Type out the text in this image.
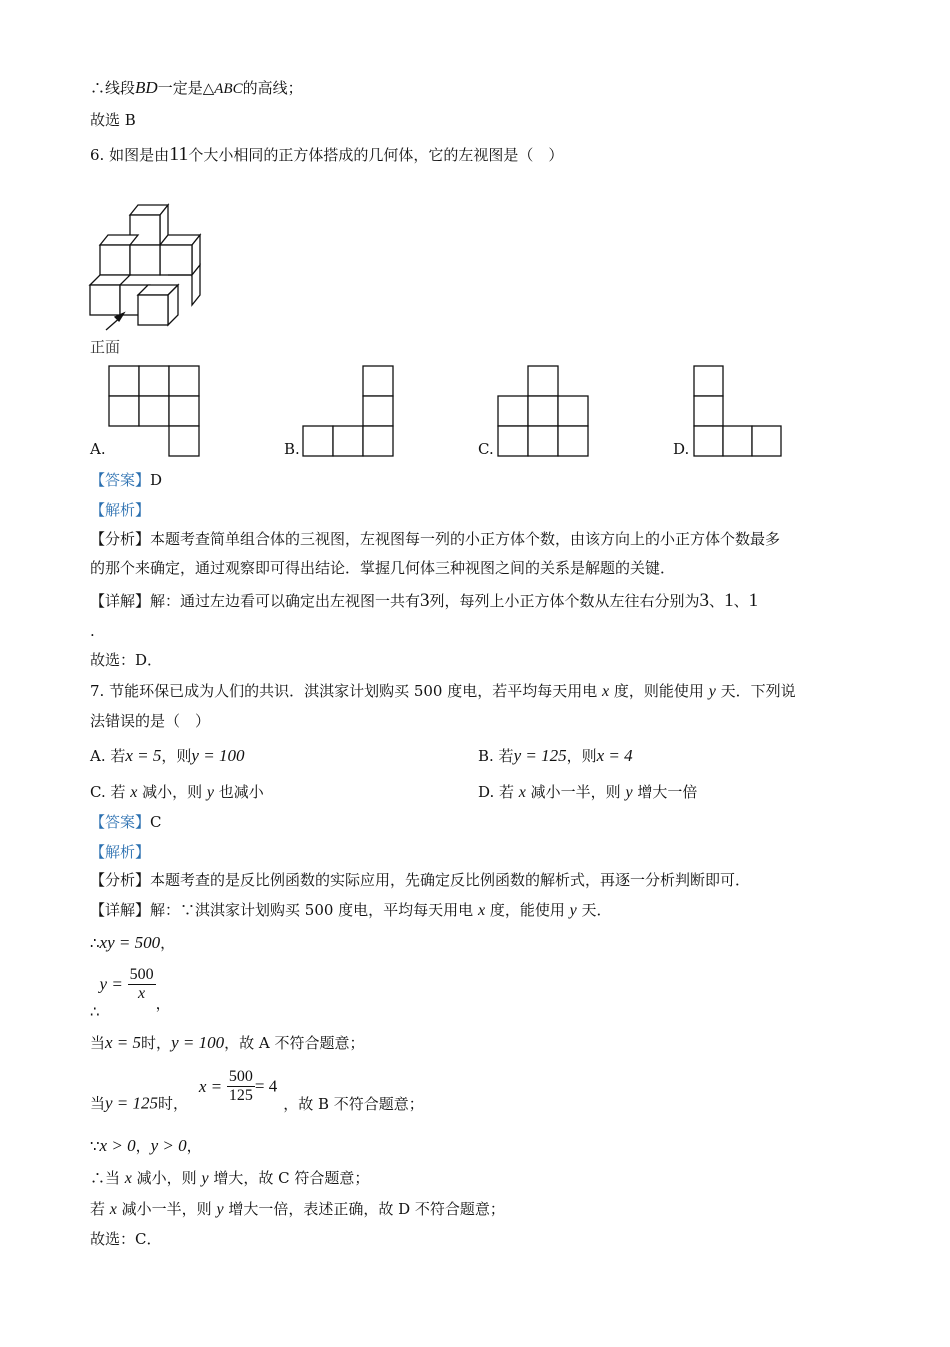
∴线段BD一定是△ABC的高线；
故选 B
6. 如图是由11个大小相同的正方体搭成的几何体，它的左视图是（　）
正面
A.	B.	C.	D.
【答案】D
【解析】
【分析】本题考查简单组合体的三视图，左视图每一列的小正方体个数，由该方向上的小正方体个数最多
的那个来确定，通过观察即可得出结论．掌握几何体三种视图之间的关系是解题的关键．
【详解】解：通过左边看可以确定出左视图一共有3列，每列上小正方体个数从左往右分别为3、1、1
.
故选：D．
7. 节能环保已成为人们的共识．淇淇家计划购买 500 度电，若平均每天用电 x 度，则能使用 y 天．下列说
法错误的是（　）
A. 若x = 5，则y = 100	B. 若y = 125，则x = 4
C. 若 x 减小，则 y 也减小	D. 若 x 减小一半，则 y 增大一倍
【答案】C
【解析】
【分析】本题考查的是反比例函数的实际应用，先确定反比例函数的解析式，再逐一分析判断即可．
【详解】解：∵淇淇家计划购买 500 度电，平均每天用电 x 度，能使用 y 天．
∴xy = 500，
∴y = $\frac{500}{x}$
，
当x = 5时，y = 100，故 A 不符合题意；
当y = 125时， $x = \frac{500}{125} = 4$，故 B 不符合题意；
∵x > 0，y > 0，
∴当 x 减小，则 y 增大，故 C 符合题意；
若 x 减小一半，则 y 增大一倍，表述正确，故 D 不符合题意；
故选：C．
